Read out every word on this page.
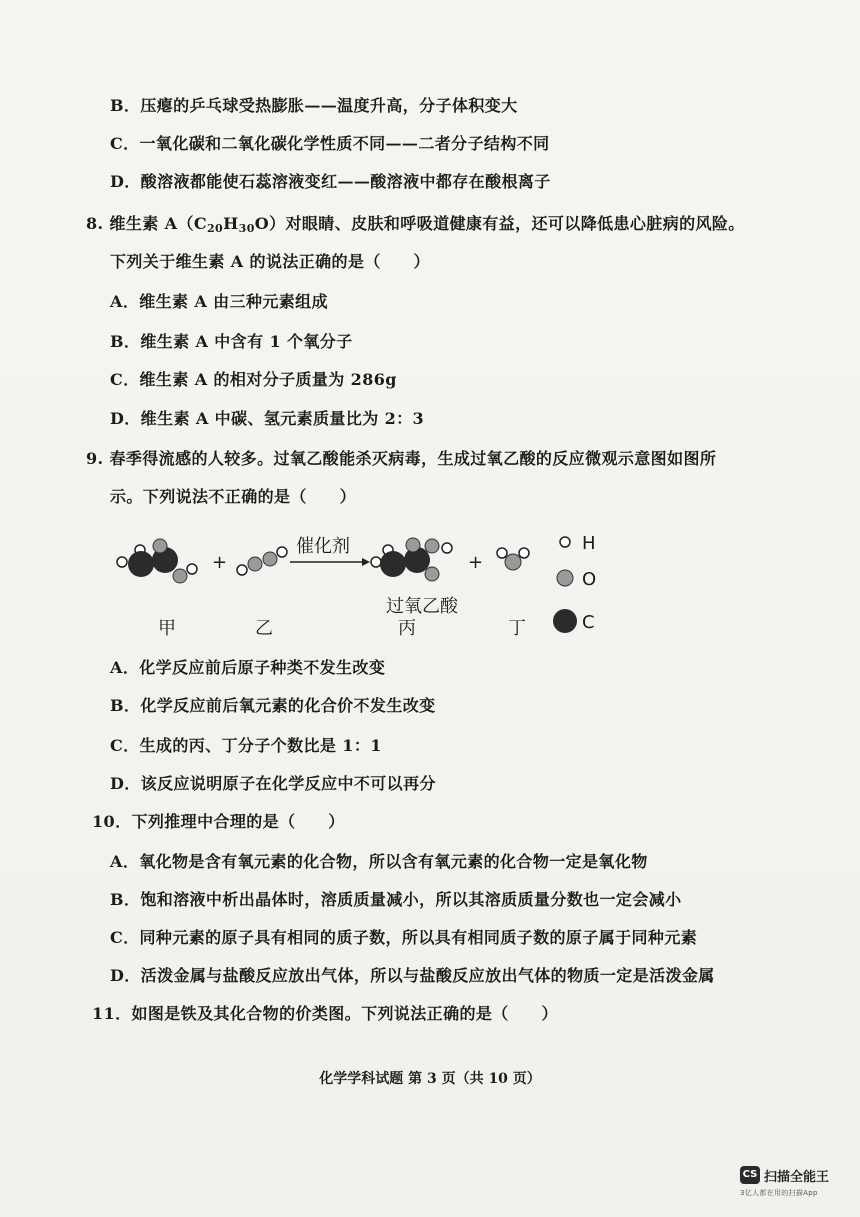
B．压瘪的乒乓球受热膨胀——温度升高，分子体积变大
C．一氧化碳和二氧化碳化学性质不同——二者分子结构不同
D．酸溶液都能使石蕊溶液变红——酸溶液中都存在酸根离子
8. 维生素 $A(C_{20}H_{30}O)$对眼睛、皮肤和呼吸道健康有益，还可以降低患心脏病的风险。
下列关于维生素 A 的说法正确的是（　　）
A．维生素 A 由三种元素组成
B．维生素 A 中含有 1 个氧分子
C．维生素 A 的相对分子质量为 286g
D．维生素 A 中碳、氢元素质量比为 2：3
9. 春季得流感的人较多。过氧乙酸能杀灭病毒，生成过氧乙酸的反应微观示意图如图所
示。下列说法不正确的是（　　）
+
催化剂
过氧乙酸
+
H
O
C
甲	乙	丙	丁
A．化学反应前后原子种类不发生改变
B．化学反应前后氧元素的化合价不发生改变
C．生成的丙、丁分子个数比是 1：1
D．该反应说明原子在化学反应中不可以再分
10．下列推理中合理的是（　　）
A．氧化物是含有氧元素的化合物，所以含有氧元素的化合物一定是氧化物
B．饱和溶液中析出晶体时，溶质质量减小，所以其溶质质量分数也一定会减小
C．同种元素的原子具有相同的质子数，所以具有相同质子数的原子属于同种元素
D．活泼金属与盐酸反应放出气体，所以与盐酸反应放出气体的物质一定是活泼金属
11．如图是铁及其化合物的价类图。下列说法正确的是（　　）
化学学科试题 第 3 页（共 10 页）
CS 扫描全能王
3亿人都在用的扫描App
